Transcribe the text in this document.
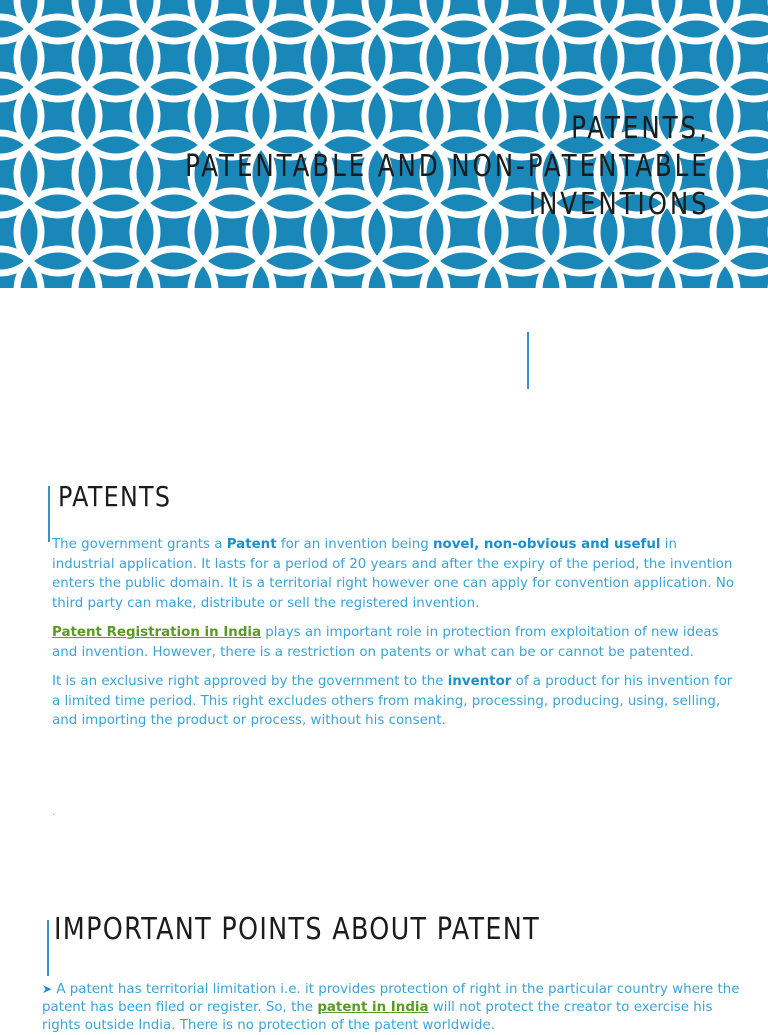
PATENTS,
PATENTABLE AND NON-PATENTABLE
INVENTIONS
PATENTS

The government grants a Patent for an invention being novel, non-obvious and useful in industrial application. It lasts for a period of 20 years and after the expiry of the period, the invention enters the public domain. It is a territorial right however one can apply for convention application. No third party can make, distribute or sell the registered invention.

Patent Registration in India plays an important role in protection from exploitation of new ideas and invention. However, there is a restriction on patents or what can be or cannot be patented.

It is an exclusive right approved by the government to the inventor of a product for his invention for a limited time period. This right excludes others from making, processing, producing, using, selling, and importing the product or process, without his consent.

.
IMPORTANT POINTS ABOUT PATENT
➤ A patent has territorial limitation i.e. it provides protection of right in the particular country where the patent has been filed or register. So, the patent in India will not protect the creator to exercise his rights outside India. There is no protection of the patent worldwide.
